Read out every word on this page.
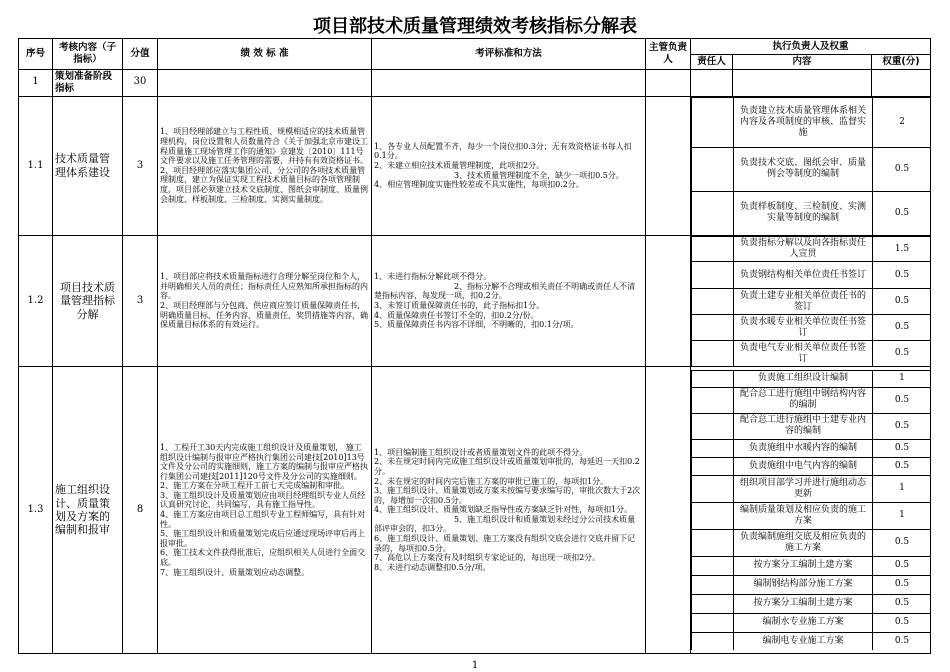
项目部技术质量管理绩效考核指标分解表
序号	考核内容（子指标）	分值	绩 效 标 准	考评标准和方法	主管负责人	执行负责人及权重
责任人	内容	权重(分)
1	策划准备阶段指标	30						
1.1	技术质量管理体系建设	3	1、项目经理部建立与工程性质、规模相适应的技术质量管理机构，岗位设置和人员数量符合《关于加强北京市建设工程质量施工现场管理工作的通知》京建发〔2010〕111号文件要求以及施工任务管理的需要，并持有有效资格证书。
2、项目经理部应落实集团公司、分公司的各项技术质量管理制度，建立为保证实现工程技术质量目标的各项管理制度，项目部必须建立技术交底制度、图纸会审制度、质量例会制度、样板制度、三检制度、实测实量制度。	1、各专业人员配置不齐，每少一个岗位扣0.3分；无有效资格证书每人扣0.1分。
2、未建立相应技术质量管理制度，此项扣2分。
　　　　　　　　　　3、技术质量管理制度不全，缺少一项扣0.5分。
4、相应管理制度实施性较差或不具实施性，每项扣0.2分。		
	负责建立技术质量管理体系相关内容及各项制度的审核、监督实施	2
	负责技术交底、图纸会审、质量例会等制度的编制	0.5
	负责样板制度、三检制度、实测实量等制度的编制	0.5

1.2	项目技术质量管理指标分解	3	1、项目部应将技术质量指标进行合理分解至岗位和个人，并明确相关人员的责任；指标责任人应熟知所承担指标的内容。
2、项目经理部与分包商、供应商应签订质量保障责任书，明确质量目标、任务内容、质量责任、奖罚措施等内容，确保质量目标体系的有效运行。	1、未进行指标分解此项不得分。
　　　　　　　　　　2、指标分解不合理或相关责任不明确或责任人不清楚指标内容，每发现一项，扣0.2分。
3、未签订质量保障责任书的，此子指标扣1分。
4、质量保障责任书签订不全的，扣0.2分/份。
5、质量保障责任书内容不详细，不明晰的，扣0.1分/项。		
	负责指标分解以及向各指标责任人宣贯	1.5
	负责钢结构相关单位责任书签订	0.5
	负责土建专业相关单位责任书的签订	0.5
	负责水暖专业相关单位责任书签订	0.5
	负责电气专业相关单位责任书签订	0.5

1.3	施工组织设计、质量策划及方案的编制和报审	8	1、工程开工30天内完成施工组织设计及质量策划， 施工组织设计编制与报审应严格执行集团公司建技[2010]13号文件及分公司的实施细则，施工方案的编制与报审应严格执行集团公司建技[2011]120号文件及分公司的实施细则。
2、施工方案在分项工程开工前七天完成编制和审批。
3、施工组织设计及质量策划应由项目经理组织专业人员经认真研究讨论，共同编写，具有施工指导性。
4、施工方案应由项目总工组织专业工程师编写，具有针对性。
5、施工组织设计和质量策划完成后应通过现场评审后再上报审批。
6、施工技术文件获得批准后，应组织相关人员进行全面交底。
7、施工组织设计、质量策划应动态调整。	1、项目编制施工组织设计或者质量策划文件的此项不得分。
2、未在规定时间内完成施工组织设计或质量策划审批的，每延迟一天扣0.2分。
2、未在规定的时间内完后施工方案的审批已施工的，每项扣1分。
3、施工组织设计、质量策划或方案未按编写要求编写的，审批次数大于2次的，每增加一次扣0.5分。
4、施工组织设计、质量策划缺乏指导性或方案缺乏针对性，每项扣1分。
　　　　　　　　　　5、施工组织设计和质量策划未经过分公司技术质量部评审会的，扣3分。
6、施工组织设计、质量策划、施工方案没有组织交底会进行交底并留下记录的，每项扣0.5分。
7、高危以上方案没有及时组织专家论证的，每出现一项扣2分。
8、未进行动态调整扣0.5分/项。		
	负责施工组织设计编制	1
	配合总工进行施组中钢结构内容的编制	0.5
	配合总工进行施组中土建专业内容的编制	0.5
	负责施组中水暖内容的编制	0.5
	负责施组中电气内容的编制	0.5
	组织项目部学习并进行施组动态更新	1
	编制质量策划及相应负责的施工方案	1
	负责编制施组交底及相应负责的施工方案	0.5
	按方案分工编制土建方案	0.5
	编制钢结构部分施工方案	0.5
	按方案分工编制土建方案	0.5
	编制水专业施工方案	0.5
	编制电专业施工方案	0.5
1
